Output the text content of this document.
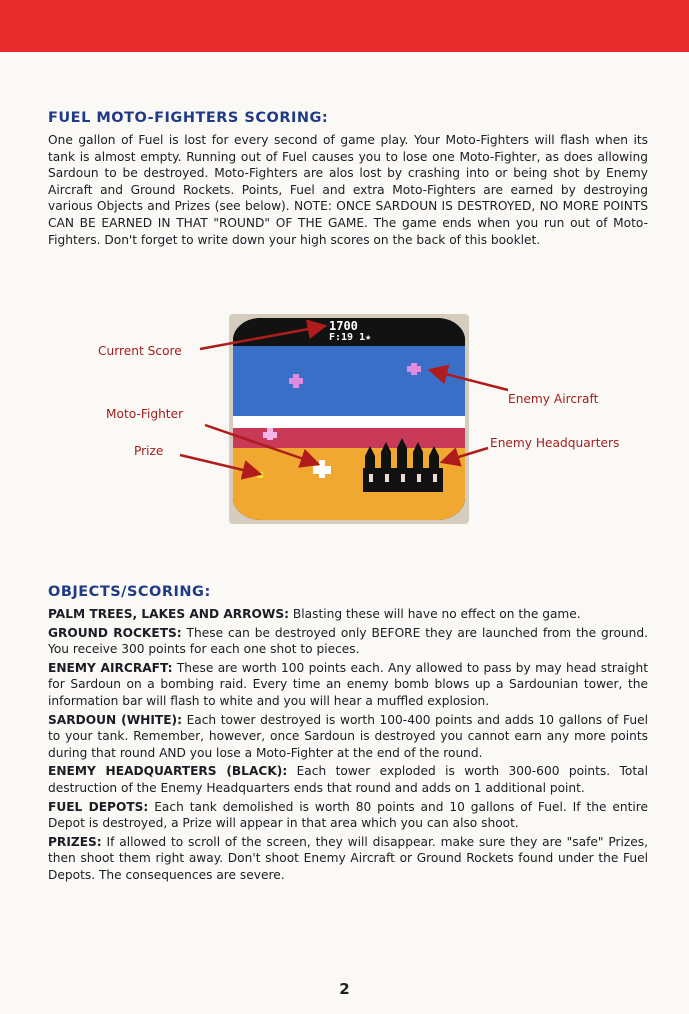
FUEL MOTO-FIGHTERS SCORING:

One gallon of Fuel is lost for every second of game play. Your Moto-Fighters will flash when its tank is almost empty. Running out of Fuel causes you to lose one Moto-Fighter, as does allowing Sardoun to be destroyed. Moto-Fighters are alos lost by crashing into or being shot by Enemy Aircraft and Ground Rockets. Points, Fuel and extra Moto-Fighters are earned by destroying various Objects and Prizes (see below). NOTE: ONCE SARDOUN IS DESTROYED, NO MORE POINTS CAN BE EARNED IN THAT "ROUND" OF THE GAME. The game ends when you run out of Moto-Fighters. Don't forget to write down your high scores on the back of this booklet.

1700
F:19 1★
Current Score
Moto-Fighter
Prize
Enemy Aircraft
Enemy Headquarters
OBJECTS/SCORING:

PALM TREES, LAKES AND ARROWS: Blasting these will have no effect on the game.

GROUND ROCKETS: These can be destroyed only BEFORE they are launched from the ground. You receive 300 points for each one shot to pieces.

ENEMY AIRCRAFT: These are worth 100 points each. Any allowed to pass by may head straight for Sardoun on a bombing raid. Every time an enemy bomb blows up a Sardounian tower, the information bar will flash to white and you will hear a muffled explosion.

SARDOUN (WHITE): Each tower destroyed is worth 100-400 points and adds 10 gallons of Fuel to your tank. Remember, however, once Sardoun is destroyed you cannot earn any more points during that round AND you lose a Moto-Fighter at the end of the round.

ENEMY HEADQUARTERS (BLACK): Each tower exploded is worth 300-600 points. Total destruction of the Enemy Headquarters ends that round and adds on 1 additional point.

FUEL DEPOTS: Each tank demolished is worth 80 points and 10 gallons of Fuel. If the entire Depot is destroyed, a Prize will appear in that area which you can also shoot.

PRIZES: If allowed to scroll of the screen, they will disappear. make sure they are "safe" Prizes, then shoot them right away. Don't shoot Enemy Aircraft or Ground Rockets found under the Fuel Depots. The consequences are severe.

2
